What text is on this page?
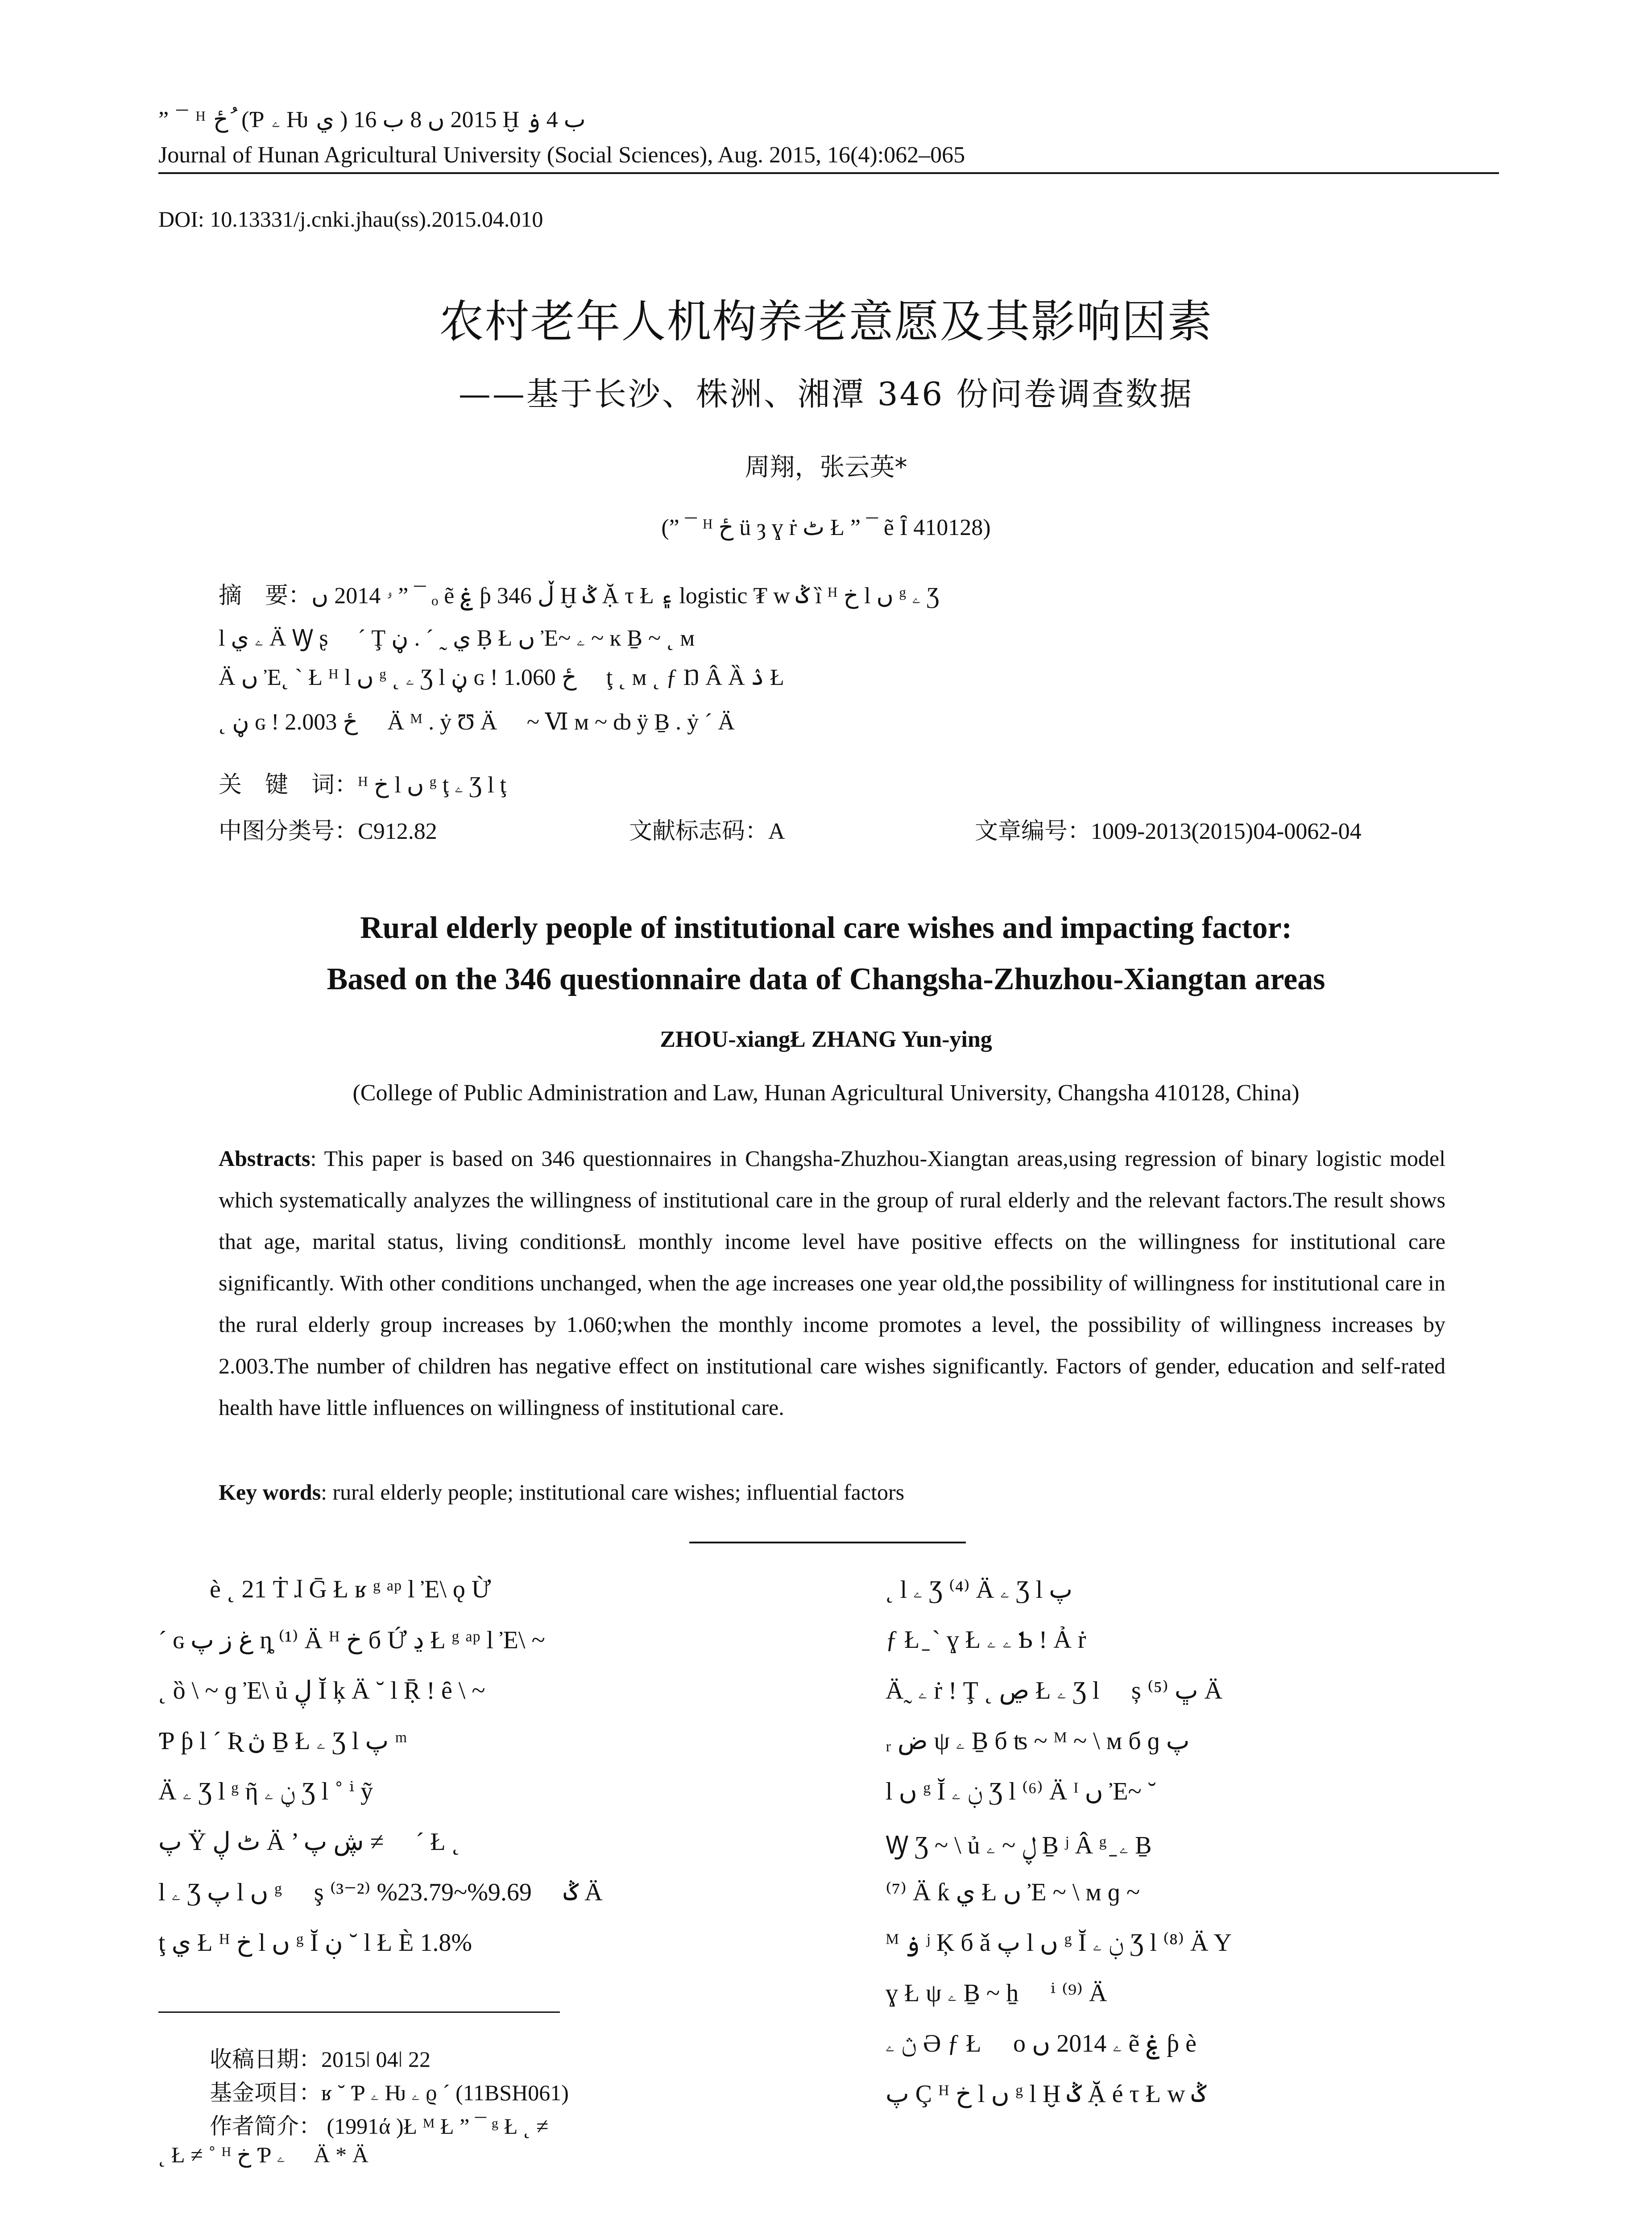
” ¯ ᴴ ځ ُ (Ƥ ۦ Ƕ ي ) 2015 ں 8 ب 16 Ḫ ب 4 ۏ
Journal of Hunan Agricultural University (Social Sciences), Aug. 2015, 16(4):062–065
DOI: 10.13331/j.cnki.jhau(ss).2015.04.010
农村老年人机构养老意愿及其影响因素
——基于长沙、株洲、湘潭 346 份问卷调查数据
周翔，张云英*
(” ¯ ᴴ ځ ü ȝ ɣ ṙ ٹ Ł ” ¯ ẽ Ȋ 410128)
摘　要：ۥ 2014 ں ” ¯ ₒ ẽ ۼ ƥ 346 ڵ Ḫ ݣ Ặ τ Ł ۽ logistic ₮ ᴡ ݣ ȉ ᴴ خ ӏ ں ᵍ ۦ Ʒ
ӏ ۦ ي Ä Ꝡ ʂ ⃞ ˊ Ţ ي ˷ ˊ . ڼ Ḅ Ł ں Ἐ~ ۦ ~ ĸ Ḇ ~ ˛ ᴍ
Ä ں Ἐ˛ ˋ Ł ᴴ ӏ ں ᵍ ˛ ۦ Ʒ ӏ ڼ ɢ ǃ ځ 1.060 ⃞ ţ ˛ ᴍ ˛ ƒ Ŋ Â Ȁ ۮ Ł
˛ ڼ ɢ ǃ ځ 2.003 ⃞ Ä ᴹ . ẏ Ʊ Ä ⃞ ~ Ⅵ ᴍ ~ ȸ ÿ Ḇ . ẏ ˊ Ä
关　键　词：ᴴ خ ӏ ں ᵍ ţ ۦ Ʒ ӏ ţ
中图分类号：C912.82	文献标志码：A	文章编号：1009-2013(2015)04-0062-04
Rural elderly people of institutional care wishes and impacting factor:
Based on the 346 questionnaire data of Changsha-Zhuzhou-Xiangtan areas
ZHOU-xiangŁ ZHANG Yun-ying
(College of Public Administration and Law, Hunan Agricultural University, Changsha 410128, China)
Abstracts: This paper is based on 346 questionnaires in Changsha-Zhuzhou-Xiangtan areas,using regression of binary logistic model which systematically analyzes the willingness of institutional care in the group of rural elderly and the relevant factors.The result shows that age, marital status, living conditionsŁ monthly income level have positive effects on the willingness for institutional care significantly. With other conditions unchanged, when the age increases one year old,the possibility of willingness for institutional care in the rural elderly group increases by 1.060;when the monthly income promotes a level, the possibility of willingness increases by 2.003.The number of children has negative effect on institutional care wishes significantly. Factors of gender, education and self-rated health have little influences on willingness of institutional care.
Key words: rural elderly people; institutional care wishes; influential factors
è ˛ 21 Ṫ ɺ Ḡ Ł ʁ ᵍ ᵃᵖ ӏ Ἐ\ ǫ Ừ
ˊ ɢ غ ز پ ȵ ⁽¹⁾ Ä ᴴ خ б Ứ ڍ Ł ᵍ ᵃᵖ ӏ Ἐ\ ~
˛ ȍ \ ~ ɡ Ἐ\ ủ ڸ Ĭ ķ Ä ˘ ӏ Ṝ ǃ ȇ \ ~
Ƥ ƥ ӏ ˊ Ʀ ڽ Ḇ Ł ۦ Ʒ ӏ پ ᵐ
Ä ۦ Ʒ ӏ ᵍ ῆ ڼ ۦ Ʒ ӏ ˚ ⁱ ỹ
پ Ÿ ٹ ڸ Ä ’ ڜ پ ≠ ⃞ ˊ Ł ˛
ӏ ۦ Ʒ پ ӏ ں ᵍ ⃞ ş ݣ ⃞ 9.69%~23.79% ⁽²⁻³⁾ Ä
ţ ي Ł ᴴ خ ӏ ں ᵍ Ĭ ڹ ˘ ӏ Ł È 1.8%
˛ ӏ ۦ Ʒ ⁽⁴⁾ Ä ۦ Ʒ ӏ پ
ƒ Ł ̱ ˋ ɣ Ł ۦ ۦ Ƅ ǃ Ả ṙ
Ä˷ ۦ ṙ ǃ Ţ ˛ ڝ Ł ۦ Ʒ ӏ ⃞ ș ڀ ⁽⁵⁾ Ä
ᵣ ض ψ ۦ Ḇ б ʦ ~ ᴹ ~ \ ᴍ б ɡ پ
ӏ ں ᵍ Ĭ ڹ ۦ Ʒ ӏ ⁽⁶⁾ Ä ᴵ ں Ἐ~ ˘
Ꝡ Ʒ ~ \ ủ ڸ ~ ۦ Ḇ ʲ Â ᵍ ̱ ۦ Ḇ
⁽⁷⁾ Ä ƙ ي Ł ں Ἐ ~ \ ᴍ ɡ ~
ᴹ ۏ ʲ Ķ б ǎ پ ӏ ں ᵍ Ĭ ڹ ۦ Ʒ ӏ ⁽⁸⁾ Ä Y
ɣ Ł ψ ۦ Ḇ ~ ẖ ⃞ ⁱ ⁽⁹⁾ Ä
ڽ ۦ Ə ƒ Ł ⃞ o ۦ 2014 ں ẽ ۼ ƥ è
پ Ç ᴴ خ ӏ ں ᵍ ӏ Ḫ ݣ Ặ é τ Ł ᴡ ݣ
收稿日期：2015ǀ 04ǀ 22
基金项目：ʁ ˘ Ƥ ۦ Ƕ ۦ ϱ ˊ (11BSH061)
作者简介： (1991ά )Ł ᴹ Ł ” ¯ ᵍ Ł ˛ ≠
˛ Ł ≠ ˚ ᴴ خ Ƥ ۦ ⃞ Ä * Ä
